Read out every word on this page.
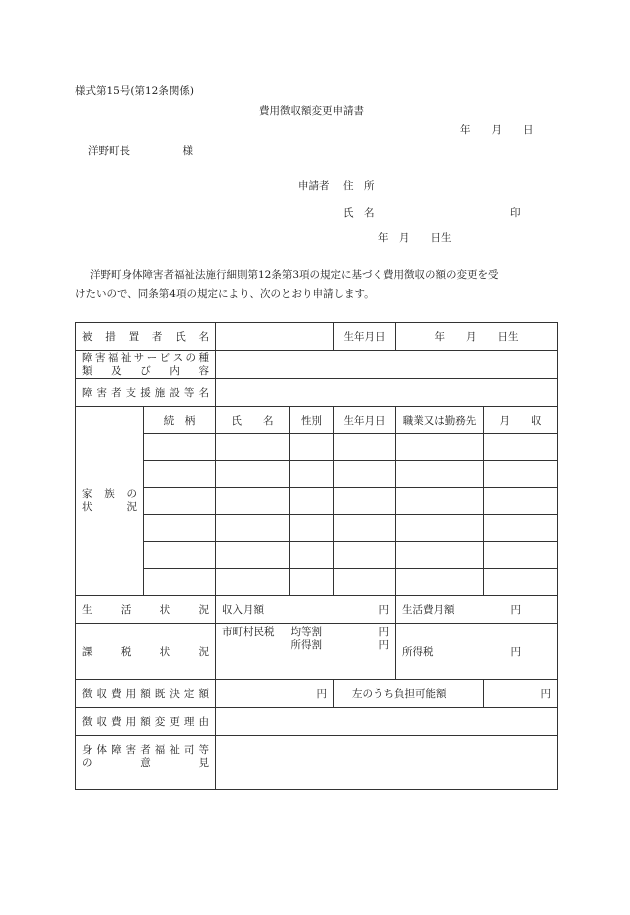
様式第15号(第12条関係)
費用徴収額変更申請書
年　　月　　日
洋野町長　　　　　様
申請者 住　所
氏　名	印
年　月　　日生
洋野町身体障害者福祉法施行細則第12条第3項の規定に基づく費用徴収の額の変更を受
けたいので、同条第4項の規定により、次のとおり申請します。
被措置者氏名				生年月日	年　　月　　日生	

障害福祉サービスの種
類及び内容						

障害者支援施設等名						

家族の
状況	続　柄	氏　　名	性別	生年月日	職業又は勤務先	月　　収

生活状況		収入月額 円			生活費月額 円	

課税状況		市町村民税 均等割 円
所得割 円			所得税 円	

徴収費用額既決定額		円		左のうち負担可能額		円
徴収費用額変更理由						

身体障害者福祉司等
の意見						
